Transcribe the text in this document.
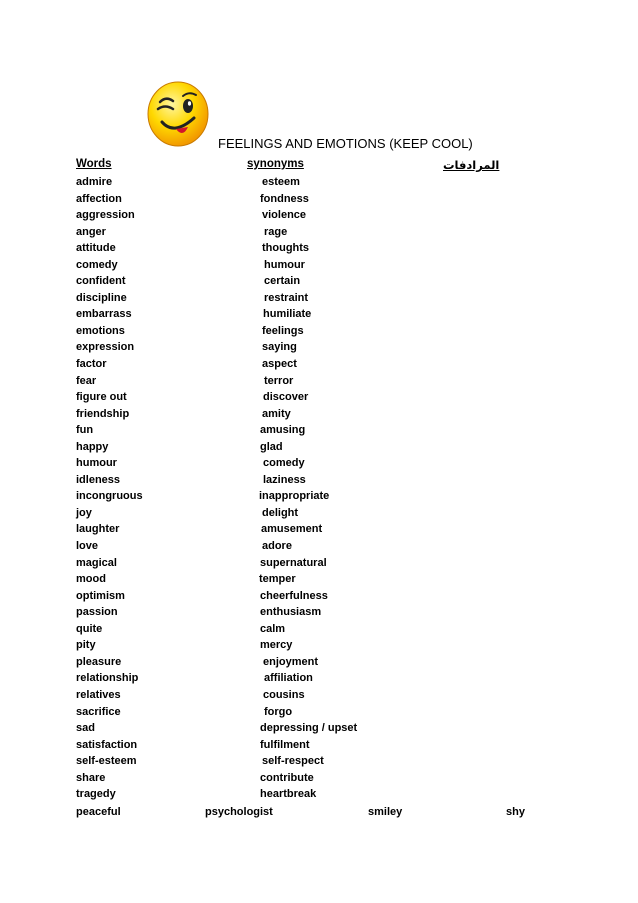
FEELINGS AND EMOTIONS (KEEP COOL)
Words	synonyms	المرادفات
admire	esteem
affection	fondness
aggression	violence
anger	rage
attitude	thoughts
comedy	humour
confident	certain
discipline	restraint
embarrass	humiliate
emotions	feelings
expression	saying
factor	aspect
fear	terror
figure out	discover
friendship	amity
fun	amusing
happy	glad
humour	comedy
idleness	laziness
incongruous	inappropriate
joy	delight
laughter	amusement
love	adore
magical	supernatural
mood	temper
optimism	cheerfulness
passion	enthusiasm
quite	calm
pity	mercy
pleasure	enjoyment
relationship	affiliation
relatives	cousins
sacrifice	forgo
sad	depressing / upset
satisfaction	fulfilment
self-esteem	self-respect
share	contribute
tragedy	heartbreak
peaceful	psychologist	smiley	shy
